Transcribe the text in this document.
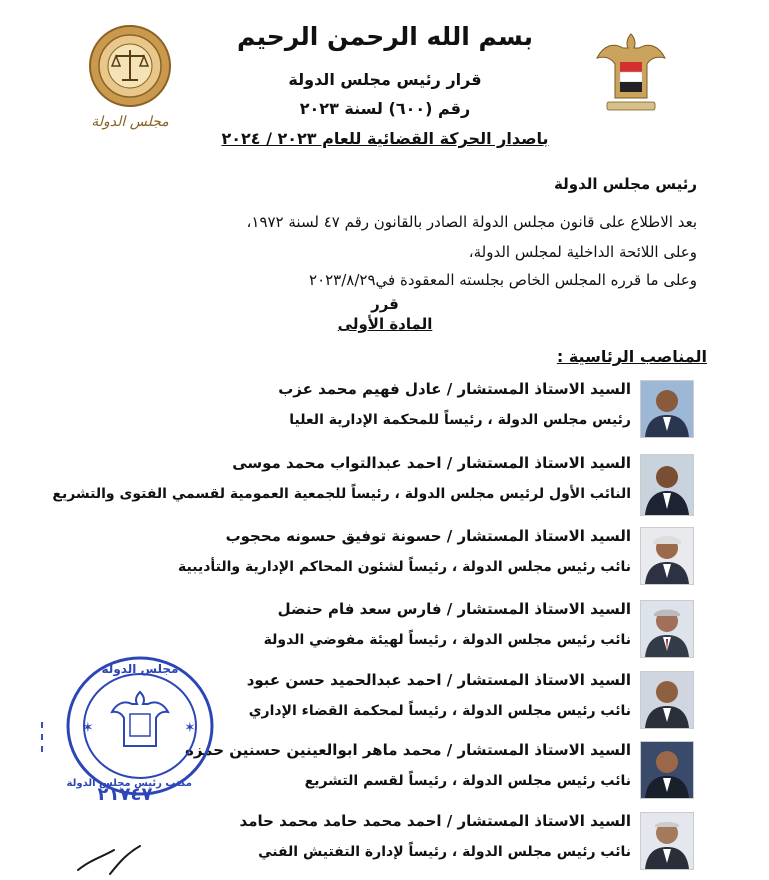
بسم الله الرحمن الرحيم
قرار رئيس مجلس الدولة
رقم (٦٠٠) لسنة ٢٠٢٣
باصدار الحركة القضائية للعام ٢٠٢٣ / ٢٠٢٤
مجلس الدولة
رئيس مجلس الدولة
بعد الاطلاع على قانون مجلس الدولة الصادر بالقانون رقم ٤٧ لسنة ١٩٧٢،
وعلى اللائحة الداخلية لمجلس الدولة،
وعلى ما قرره المجلس الخاص بجلسته المعقودة في٢٠٢٣/٨/٢٩
قرر
المادة الأولى
المناصب الرئاسية :
السيد الاستاذ المستشار / عادل فهيم محمد عزب
رئيس مجلس الدولة ، رئيساً للمحكمة الإدارية العليا
السيد الاستاذ المستشار / احمد عبدالتواب محمد موسى
النائب الأول لرئيس مجلس الدولة ، رئيساً للجمعية العمومية لقسمي الفتوى والتشريع
السيد الاستاذ المستشار / حسونة توفيق حسونه محجوب
نائب رئيس مجلس الدولة ، رئيساً لشئون المحاكم الإدارية والتأديبية
السيد الاستاذ المستشار / فارس سعد فام حنضل
نائب رئيس مجلس الدولة ، رئيساً لهيئة مفوضي الدولة
السيد الاستاذ المستشار / احمد عبدالحميد حسن عبود
نائب رئيس مجلس الدولة ، رئيساً لمحكمة القضاء الإداري
السيد الاستاذ المستشار / محمد ماهر ابوالعينين حسنين حمزه
نائب رئيس مجلس الدولة ، رئيساً لقسم التشريع
السيد الاستاذ المستشار / احمد محمد حامد محمد حامد
نائب رئيس مجلس الدولة ، رئيساً لإدارة التفتيش الفني
✶	✶
مجلس الدولة
مكتب رئيس مجلس الدولة
٢١٧٤٧
